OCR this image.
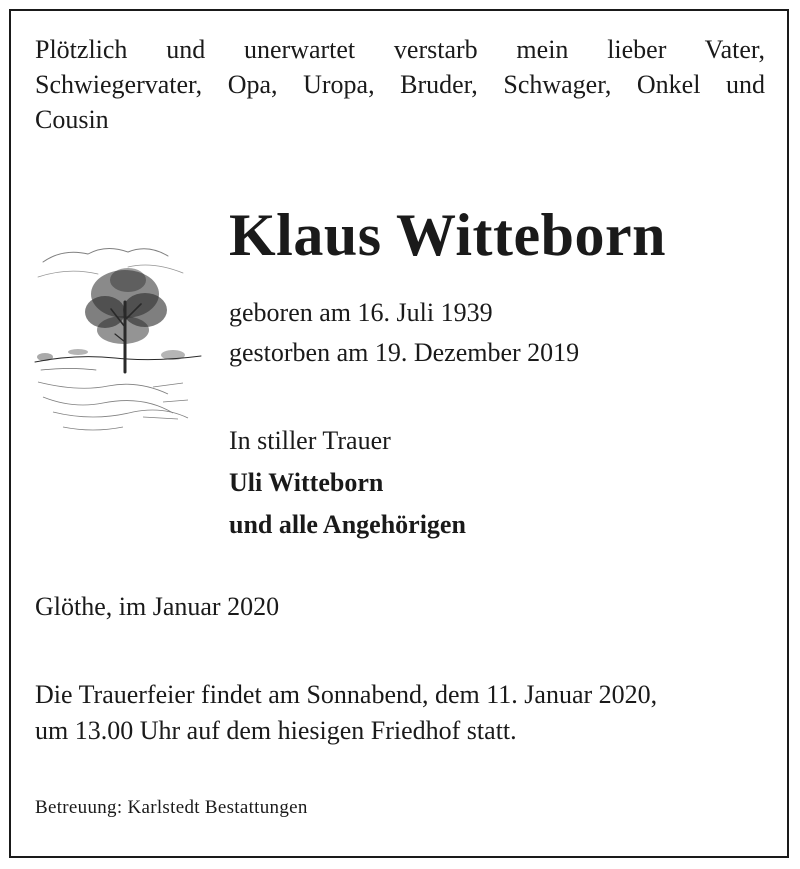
Plötzlich und unerwartet verstarb mein lieber Vater,
Schwiegervater, Opa, Uropa, Bruder, Schwager, Onkel und
Cousin
Klaus Witteborn
geboren am 16. Juli 1939
gestorben am 19. Dezember 2019
In stiller Trauer
Uli Witteborn
und alle Angehörigen
Glöthe, im Januar 2020
Die Trauerfeier findet am Sonnabend, dem 11. Januar 2020,
um 13.00 Uhr auf dem hiesigen Friedhof statt.
Betreuung: Karlstedt Bestattungen
